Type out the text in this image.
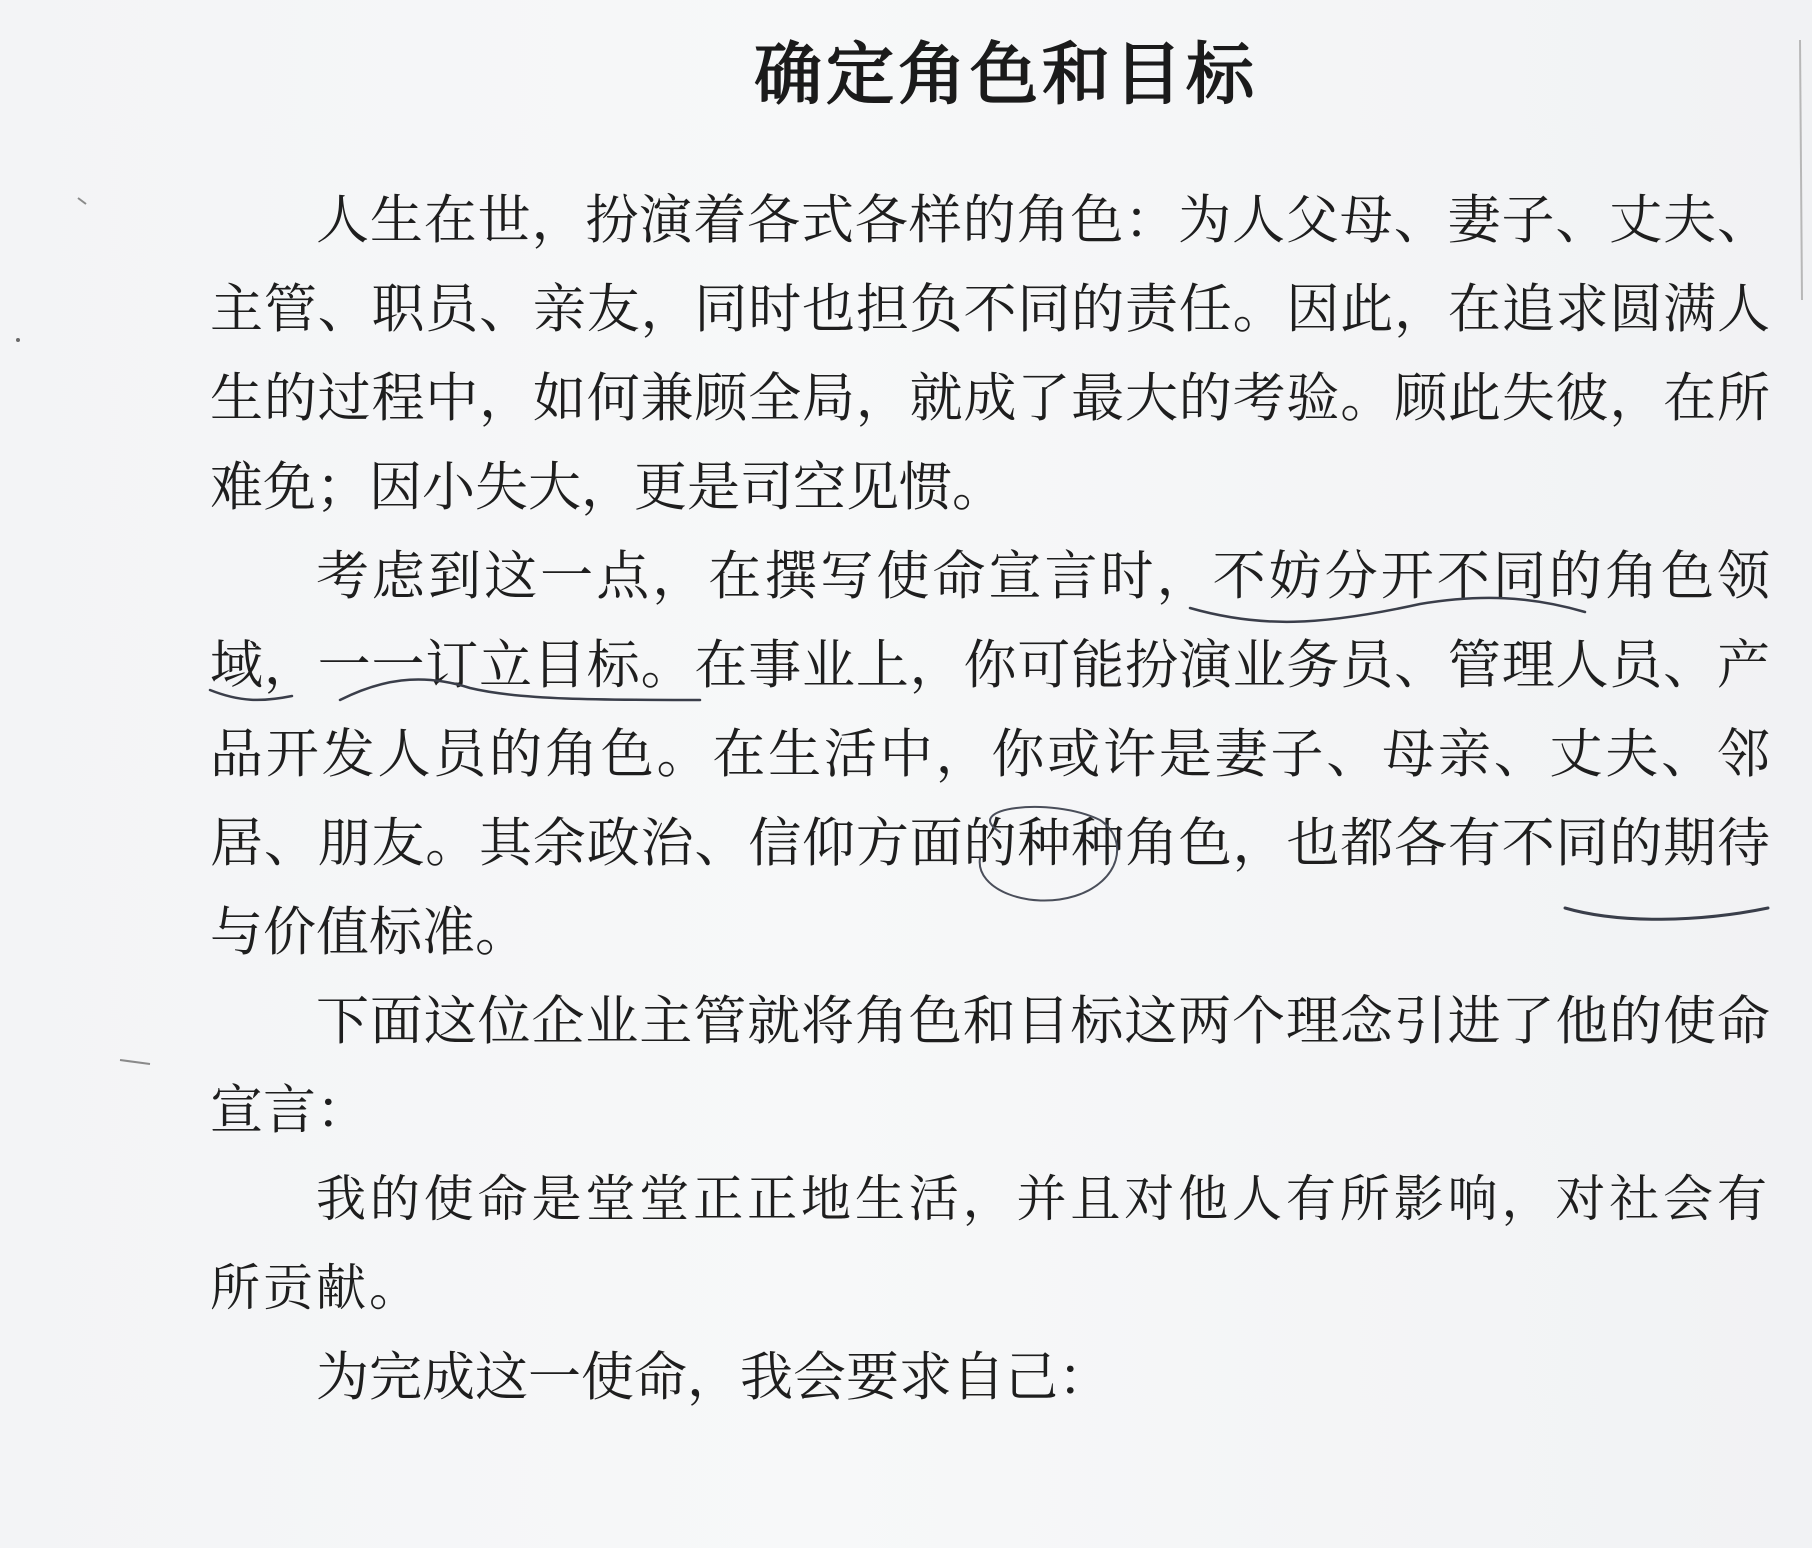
确定角色和目标

人生在世，扮演着各式各样的角色：为人父母、妻子、丈夫、主管、职员、亲友，同时也担负不同的责任。因此，在追求圆满人生的过程中，如何兼顾全局，就成了最大的考验。顾此失彼，在所难免；因小失大，更是司空见惯。

考虑到这一点，在撰写使命宣言时，不妨分开不同的角色领域，一一订立目标。在事业上，你可能扮演业务员、管理人员、产品开发人员的角色。在生活中，你或许是妻子、母亲、丈夫、邻居、朋友。其余政治、信仰方面的种种角色，也都各有不同的期待与价值标准。

下面这位企业主管就将角色和目标这两个理念引进了他的使命宣言：

我的使命是堂堂正正地生活，并且对他人有所影响，对社会有所贡献。

为完成这一使命，我会要求自己：
